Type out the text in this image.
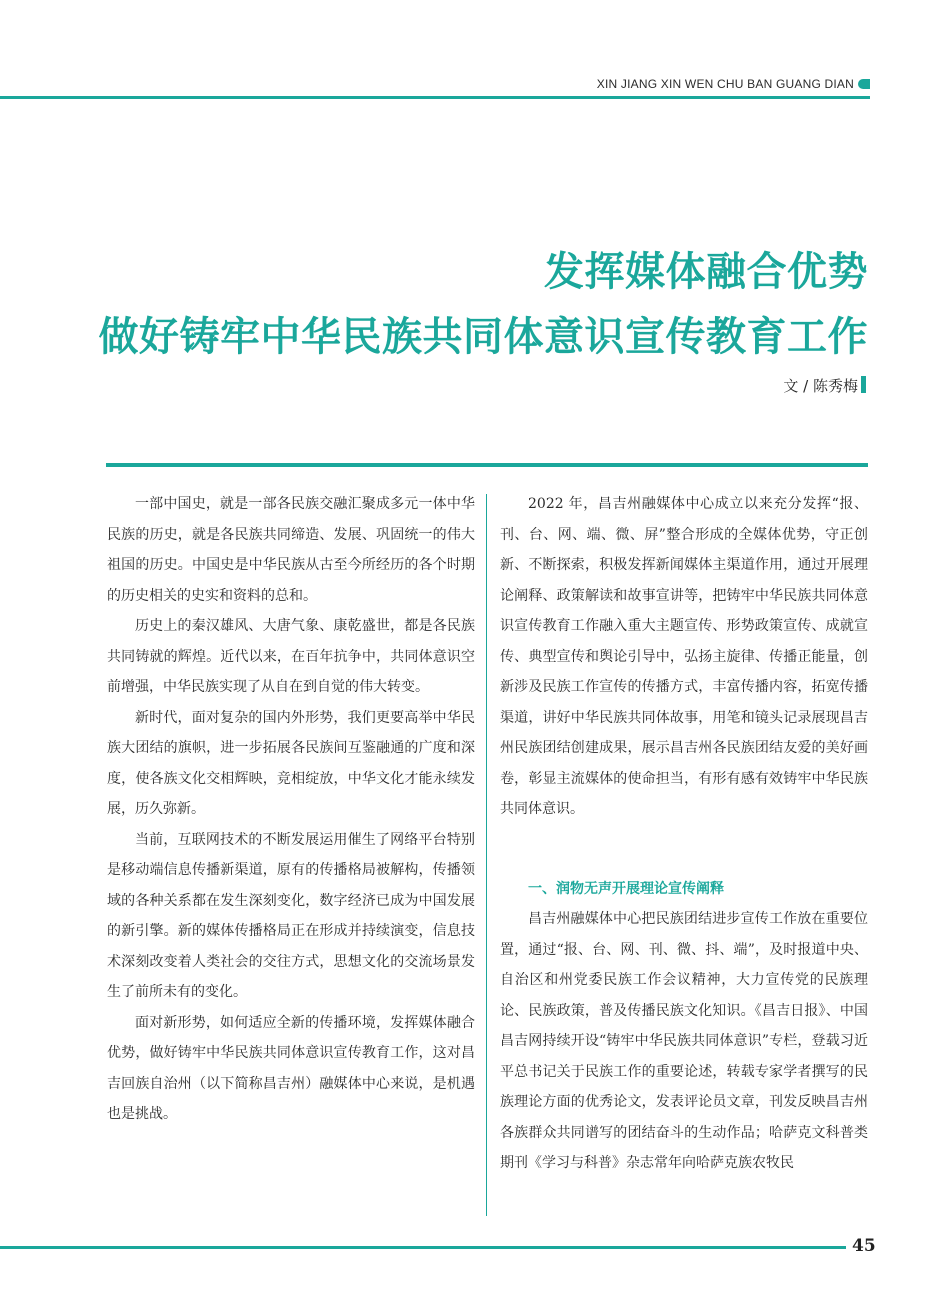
XIN JIANG XIN WEN CHU BAN GUANG DIAN
发挥媒体融合优势
做好铸牢中华民族共同体意识宣传教育工作
文 / 陈秀梅

一部中国史，就是一部各民族交融汇聚成多元一体中华民族的历史，就是各民族共同缔造、发展、巩固统一的伟大祖国的历史。中国史是中华民族从古至今所经历的各个时期的历史相关的史实和资料的总和。

历史上的秦汉雄风、大唐气象、康乾盛世，都是各民族共同铸就的辉煌。近代以来，在百年抗争中，共同体意识空前增强，中华民族实现了从自在到自觉的伟大转变。

新时代，面对复杂的国内外形势，我们更要高举中华民族大团结的旗帜，进一步拓展各民族间互鉴融通的广度和深度，使各族文化交相辉映，竞相绽放，中华文化才能永续发展，历久弥新。

当前，互联网技术的不断发展运用催生了网络平台特别是移动端信息传播新渠道，原有的传播格局被解构，传播领域的各种关系都在发生深刻变化，数字经济已成为中国发展的新引擎。新的媒体传播格局正在形成并持续演变，信息技术深刻改变着人类社会的交往方式，思想文化的交流场景发生了前所未有的变化。

面对新形势，如何适应全新的传播环境，发挥媒体融合优势，做好铸牢中华民族共同体意识宣传教育工作，这对昌吉回族自治州（以下简称昌吉州）融媒体中心来说，是机遇也是挑战。

2022 年，昌吉州融媒体中心成立以来充分发挥“报、刊、台、网、端、微、屏”整合形成的全媒体优势，守正创新、不断探索，积极发挥新闻媒体主渠道作用，通过开展理论阐释、政策解读和故事宣讲等，把铸牢中华民族共同体意识宣传教育工作融入重大主题宣传、形势政策宣传、成就宣传、典型宣传和舆论引导中，弘扬主旋律、传播正能量，创新涉及民族工作宣传的传播方式，丰富传播内容，拓宽传播渠道，讲好中华民族共同体故事，用笔和镜头记录展现昌吉州民族团结创建成果，展示昌吉州各民族团结友爱的美好画卷，彰显主流媒体的使命担当，有形有感有效铸牢中华民族共同体意识。

一、润物无声开展理论宣传阐释

昌吉州融媒体中心把民族团结进步宣传工作放在重要位置，通过“报、台、网、刊、微、抖、端”，及时报道中央、自治区和州党委民族工作会议精神，大力宣传党的民族理论、民族政策，普及传播民族文化知识。《昌吉日报》、中国昌吉网持续开设“铸牢中华民族共同体意识”专栏，登载习近平总书记关于民族工作的重要论述，转载专家学者撰写的民族理论方面的优秀论文，发表评论员文章，刊发反映昌吉州各族群众共同谱写的团结奋斗的生动作品；哈萨克文科普类期刊《学习与科普》杂志常年向哈萨克族农牧民

45
